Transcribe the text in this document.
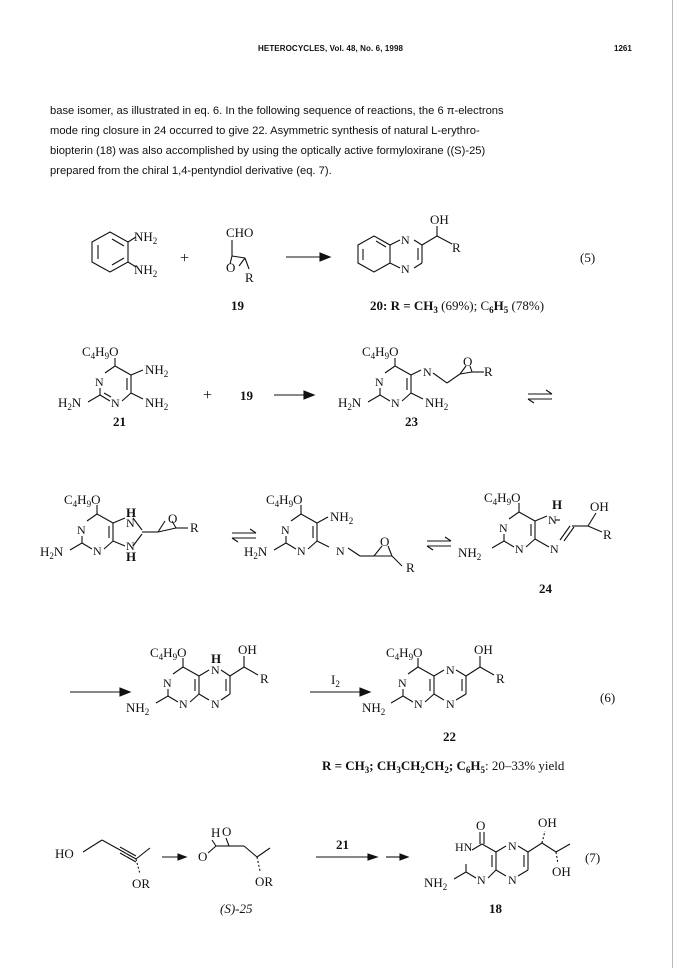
HETEROCYCLES, Vol. 48, No. 6, 1998	1261
base isomer, as illustrated in eq. 6. In the following sequence of reactions, the 6 π-electrons
mode ring closure in 24 occurred to give 22. Asymmetric synthesis of natural L-erythro-
biopterin (18) was also accomplished by using the optically active formyloxirane ((S)-25)
prepared from the chiral 1,4-pentyndiol derivative (eq. 7).
$NH_2$
$NH_2$
+
CHO
O
R
N
N
OH
R
(5)
19	20: $R = CH_3$ (69%); $C_6H_5$ (78%)
$C_4H_9O$
$NH_2$
N
N $NH_2$
$H_2N$	+ 19
21
$C_4H_9O$
N
N
N $NH_2$
$H_2N$
O
R
23
$C_4H_9O$
H
N
N
N N
H
$H_2N$
O
R
$C_4H_9O$
$NH_2$
N
N	N
$H_2N$
O
R
$C_4H_9O$ H
N
N
N N
$NH_2$
OH
R
24
$C_4H_9O$ H
N
N
N N
$NH_2$
OH
R	$I_2$
$C_4H_9O$
N
N
N N
$NH_2$
OH
R
(6)
22
$R = CH_3$; $CH_3CH_2CH_2$; $C_6H_5$: 20–33% yield
HO
OR
O
H O
OR
21
(S)-25
O
HN	N
N N
$NH_2$
OH
OH
(7)
18
